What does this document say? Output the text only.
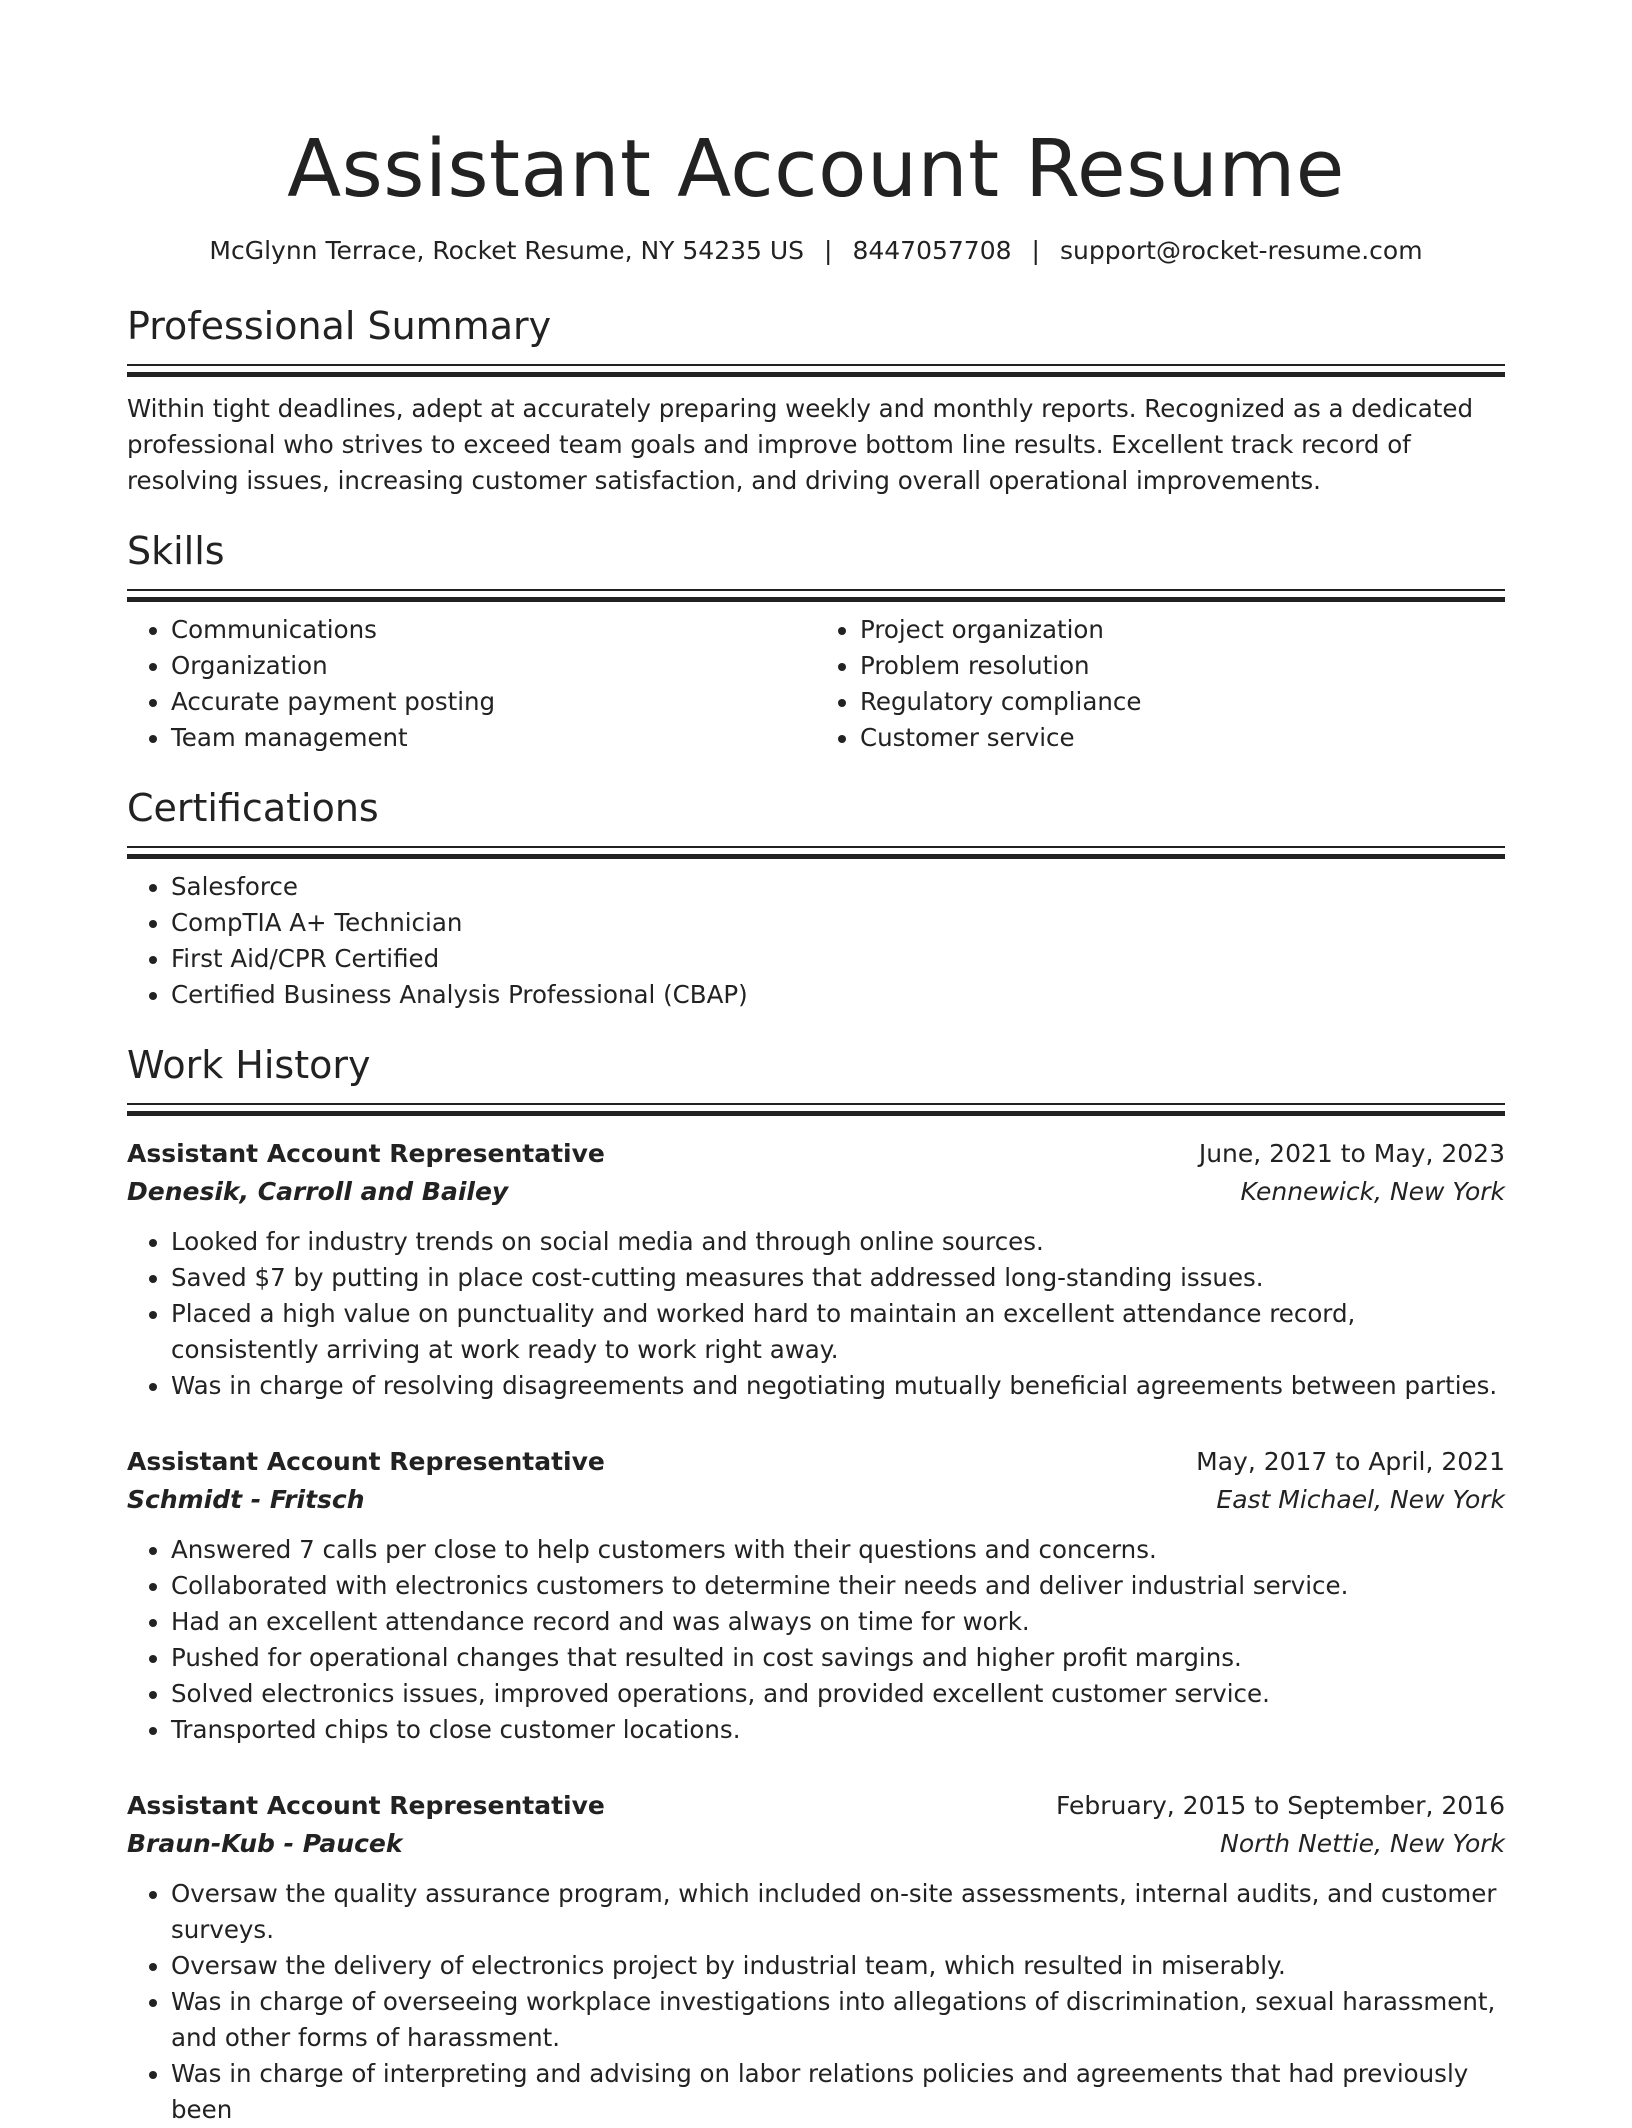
Assistant Account Resume
McGlynn Terrace, Rocket Resume, NY 54235 US | 8447057708 | support@rocket-resume.com
Professional Summary

Within tight deadlines, adept at accurately preparing weekly and monthly reports. Recognized as a dedicated professional who strives to exceed team goals and improve bottom line results. Excellent track record of resolving issues, increasing customer satisfaction, and driving overall operational improvements.

Skills
• Communications
• Organization
• Accurate payment posting
• Team management
• Project organization
• Problem resolution
• Regulatory compliance
• Customer service
Certifications
• Salesforce
• CompTIA A+ Technician
• First Aid/CPR Certified
• Certified Business Analysis Professional (CBAP)
Work History
Assistant Account Representative	June, 2021 to May, 2023
Denesik, Carroll and Bailey	Kennewick, New York
• Looked for industry trends on social media and through online sources.
• Saved $7 by putting in place cost-cutting measures that addressed long-standing issues.
• Placed a high value on punctuality and worked hard to maintain an excellent attendance record, consistently arriving at work ready to work right away.
• Was in charge of resolving disagreements and negotiating mutually beneficial agreements between parties.
Assistant Account Representative	May, 2017 to April, 2021
Schmidt - Fritsch	East Michael, New York
• Answered 7 calls per close to help customers with their questions and concerns.
• Collaborated with electronics customers to determine their needs and deliver industrial service.
• Had an excellent attendance record and was always on time for work.
• Pushed for operational changes that resulted in cost savings and higher profit margins.
• Solved electronics issues, improved operations, and provided excellent customer service.
• Transported chips to close customer locations.
Assistant Account Representative	February, 2015 to September, 2016
Braun-Kub - Paucek	North Nettie, New York
• Oversaw the quality assurance program, which included on-site assessments, internal audits, and customer surveys.
• Oversaw the delivery of electronics project by industrial team, which resulted in miserably.
• Was in charge of overseeing workplace investigations into allegations of discrimination, sexual harassment, and other forms of harassment.
• Was in charge of interpreting and advising on labor relations policies and agreements that had previously been
